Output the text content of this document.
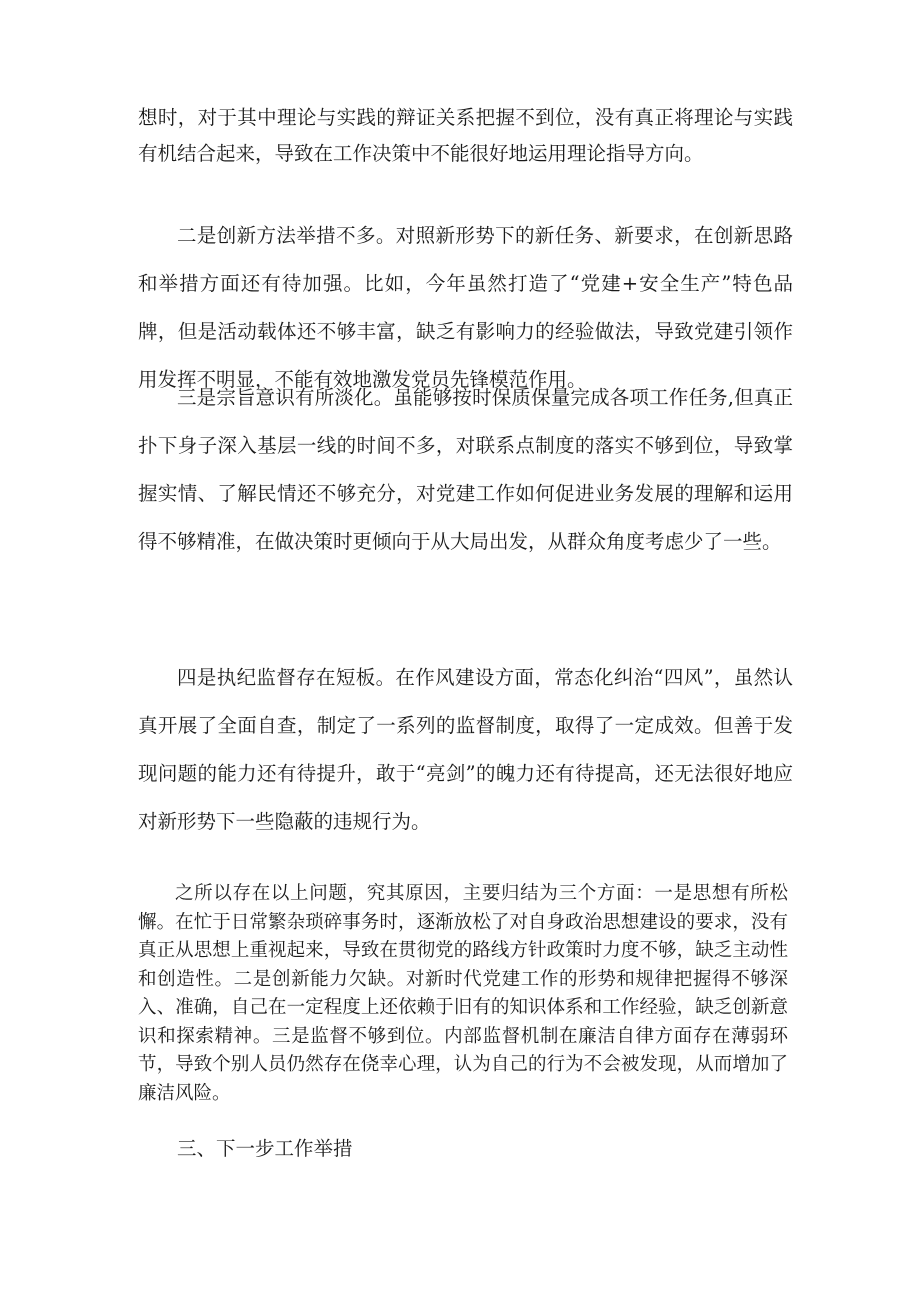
想时，对于其中理论与实践的辩证关系把握不到位，没有真正将理论与实践有机结合起来，导致在工作决策中不能很好地运用理论指导方向。

二是创新方法举措不多。对照新形势下的新任务、新要求，在创新思路和举措方面还有待加强。比如，今年虽然打造了“党建+安全生产”特色品牌，但是活动载体还不够丰富，缺乏有影响力的经验做法，导致党建引领作用发挥不明显，不能有效地激发党员先锋模范作用。

三是宗旨意识有所淡化。虽能够按时保质保量完成各项工作任务,但真正扑下身子深入基层一线的时间不多，对联系点制度的落实不够到位，导致掌握实情、了解民情还不够充分，对党建工作如何促进业务发展的理解和运用得不够精准，在做决策时更倾向于从大局出发，从群众角度考虑少了一些。

四是执纪监督存在短板。在作风建设方面，常态化纠治“四风”，虽然认真开展了全面自查，制定了一系列的监督制度，取得了一定成效。但善于发现问题的能力还有待提升，敢于“亮剑”的魄力还有待提高，还无法很好地应对新形势下一些隐蔽的违规行为。

之所以存在以上问题，究其原因，主要归结为三个方面：一是思想有所松懈。在忙于日常繁杂琐碎事务时，逐渐放松了对自身政治思想建设的要求，没有真正从思想上重视起来，导致在贯彻党的路线方针政策时力度不够，缺乏主动性和创造性。二是创新能力欠缺。对新时代党建工作的形势和规律把握得不够深入、准确，自己在一定程度上还依赖于旧有的知识体系和工作经验，缺乏创新意识和探索精神。三是监督不够到位。内部监督机制在廉洁自律方面存在薄弱环节，导致个别人员仍然存在侥幸心理，认为自己的行为不会被发现，从而增加了廉洁风险。

三、下一步工作举措
